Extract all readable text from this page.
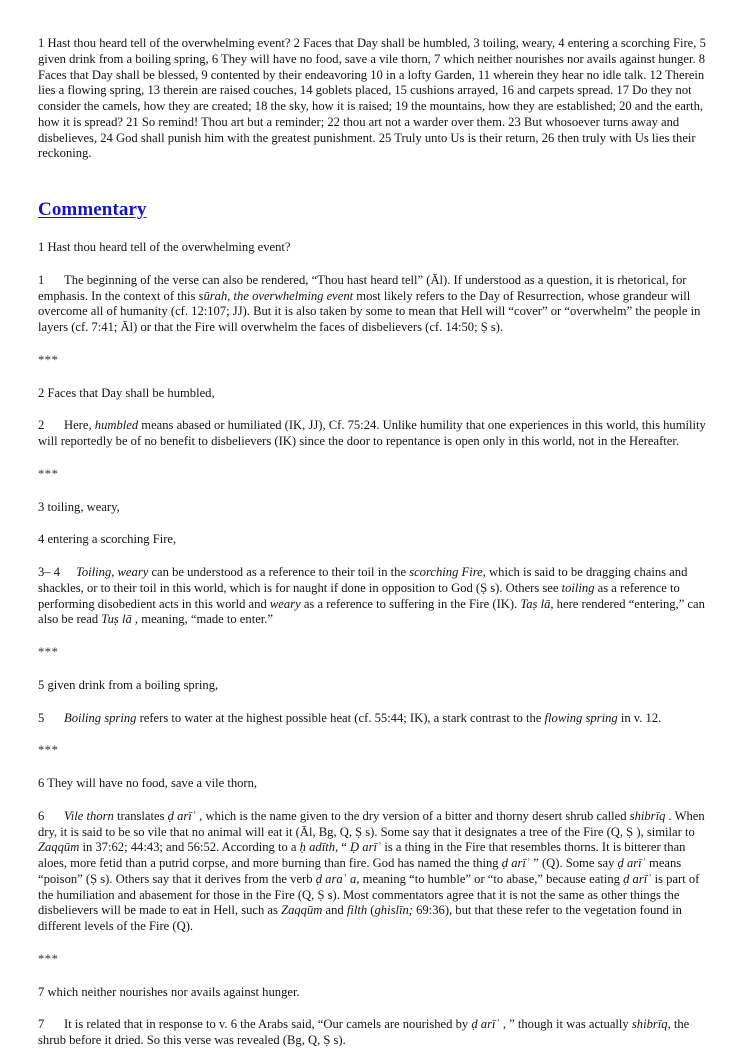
1 Hast thou heard tell of the overwhelming event? 2 Faces that Day shall be humbled, 3 toiling, weary, 4 entering a scorching Fire, 5 given drink from a boiling spring, 6 They will have no food, save a vile thorn, 7 which neither nourishes nor avails against hunger. 8 Faces that Day shall be blessed, 9 contented by their endeavoring 10 in a lofty Garden, 11 wherein they hear no idle talk. 12 Therein lies a flowing spring, 13 therein are raised couches, 14 goblets placed, 15 cushions arrayed, 16 and carpets spread. 17 Do they not consider the camels, how they are created; 18 the sky, how it is raised; 19 the mountains, how they are established; 20 and the earth, how it is spread? 21 So remind! Thou art but a reminder; 22 thou art not a warder over them. 23 But whosoever turns away and disbelieves, 24 God shall punish him with the greatest punishment. 25 Truly unto Us is their return, 26 then truly with Us lies their reckoning.

Commentary

1 Hast thou heard tell of the overwhelming event?

1 The beginning of the verse can also be rendered, “Thou hast heard tell” (Āl). If understood as a question, it is rhetorical, for emphasis. In the context of this sūrah, the overwhelming event most likely refers to the Day of Resurrection, whose grandeur will overcome all of humanity (cf. 12:107; JJ). But it is also taken by some to mean that Hell will “cover” or “overwhelm” the people in layers (cf. 7:41; Āl) or that the Fire will overwhelm the faces of disbelievers (cf. 14:50; Ṣ s).

***

2 Faces that Day shall be humbled,

2 Here, humbled means abased or humiliated (IK, JJ), Cf. 75:24. Unlike humility that one experiences in this world, this humility will reportedly be of no benefit to disbelievers (IK) since the door to repentance is open only in this world, not in the Hereafter.

***

3 toiling, weary,

4 entering a scorching Fire,

3– 4 Toiling, weary can be understood as a reference to their toil in the scorching Fire, which is said to be dragging chains and shackles, or to their toil in this world, which is for naught if done in opposition to God (Ṣ s). Others see toiling as a reference to performing disobedient acts in this world and weary as a reference to suffering in the Fire (IK). Taṣ lā, here rendered “entering,” can also be read Tuṣ lā , meaning, “made to enter.”

***

5 given drink from a boiling spring,

5 Boiling spring refers to water at the highest possible heat (cf. 55:44; IK), a stark contrast to the flowing spring in v. 12.

***

6 They will have no food, save a vile thorn,

6 Vile thorn translates ḍ arīʾ , which is the name given to the dry version of a bitter and thorny desert shrub called shibrīq . When dry, it is said to be so vile that no animal will eat it (Āl, Bg, Q, Ṣ s). Some say that it designates a tree of the Fire (Q, Ṣ ), similar to Zaqqūm in 37:62; 44:43; and 56:52. According to a ḥ adīth, “ Ḍ arīʾ is a thing in the Fire that resembles thorns. It is bitterer than aloes, more fetid than a putrid corpse, and more burning than fire. God has named the thing ḍ arīʾ ” (Q). Some say ḍ arīʾ means “poison” (Ṣ s). Others say that it derives from the verb ḍ araʿ a, meaning “to humble” or “to abase,” because eating ḍ arīʾ is part of the humiliation and abasement for those in the Fire (Q, Ṣ s). Most commentators agree that it is not the same as other things the disbelievers will be made to eat in Hell, such as Zaqqūm and filth (ghislīn; 69:36), but that these refer to the vegetation found in different levels of the Fire (Q).

***

7 which neither nourishes nor avails against hunger.

7 It is related that in response to v. 6 the Arabs said, “Our camels are nourished by ḍ arīʾ , ” though it was actually shibrīq, the shrub before it dried. So this verse was revealed (Bg, Q, Ṣ s).
